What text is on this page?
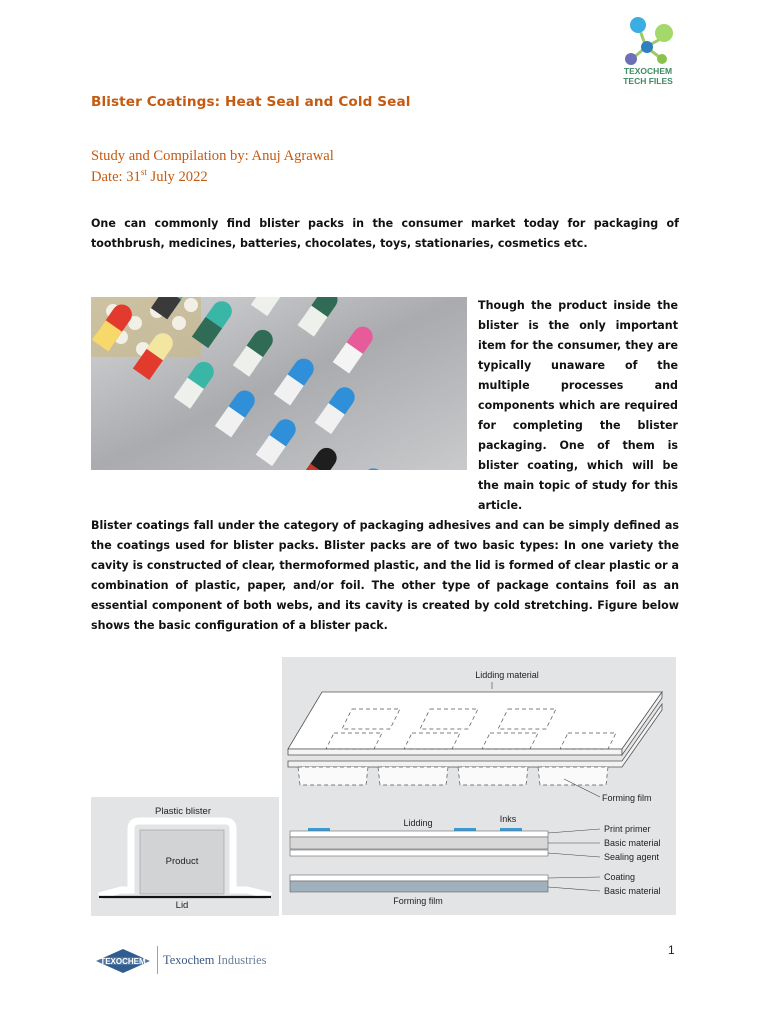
TEXOCHEM
TECH FILES
Blister Coatings: Heat Seal and Cold Seal
Study and Compilation by: Anuj Agrawal
Date: 31st July 2022
One can commonly find blister packs in the consumer market today for packaging of toothbrush, medicines, batteries, chocolates, toys, stationaries, cosmetics etc.
Though the product inside the blister is the only important item for the consumer, they are typically unaware of the multiple processes and components which are required for completing the blister packaging. One of them is blister coating, which will be the main topic of study for this article.
Blister coatings fall under the category of packaging adhesives and can be simply defined as the coatings used for blister packs. Blister packs are of two basic types: In one variety the cavity is constructed of clear, thermoformed plastic, and the lid is formed of clear plastic or a combination of plastic, paper, and/or foil. The other type of package contains foil as an essential component of both webs, and its cavity is created by cold stretching. Figure below shows the basic configuration of a blister pack.
Plastic blister
Product
Lid
Lidding material
Forming film
Lidding	Inks
Print primer
Basic material
Sealing agent
Coating
Basic material
Forming film
1
TEXOCHEM Texochem Industries
